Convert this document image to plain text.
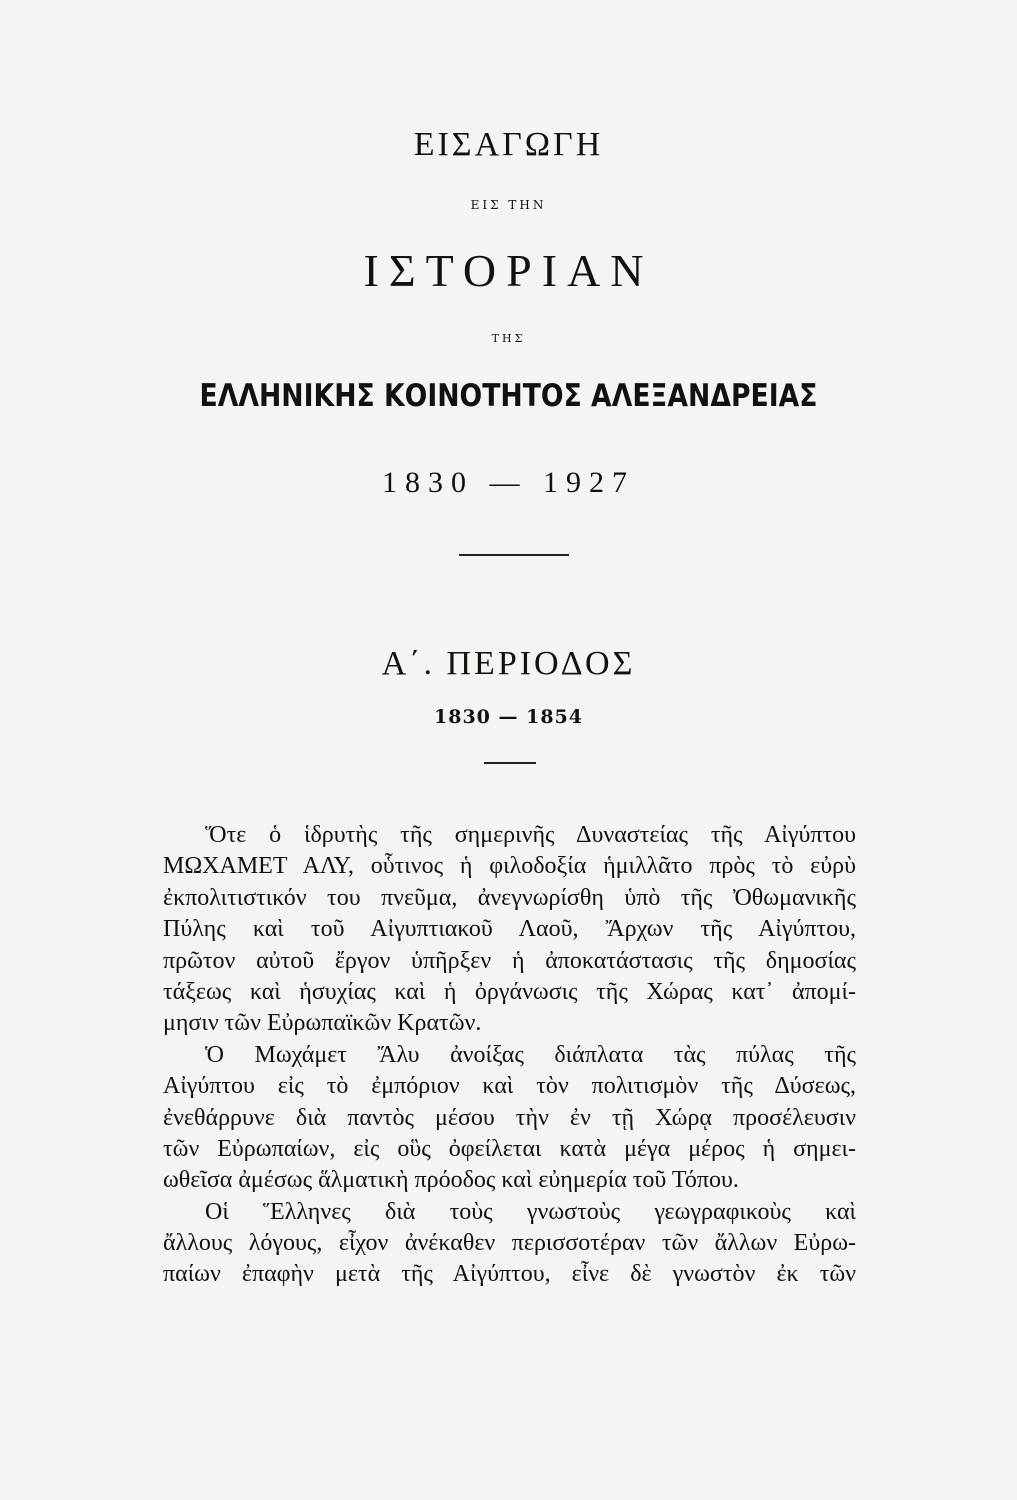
ΕΙΣΑΓΩΓΗ
ΕΙΣ ΤΗΝ
ΙΣΤΟΡΙΑΝ
ΤΗΣ
ΕΛΛΗΝΙΚΗΣ ΚΟΙΝΟΤΗΤΟΣ ΑΛΕΞΑΝΔΡΕΙΑΣ
1830 — 1927
Α΄. ΠΕΡΙΟΔΟΣ
1830 — 1854
Ὅτε ὁ ἱδρυτὴς τῆς σημερινῆς Δυναστείας τῆς Αἰγύπτου
ΜΩΧΑΜΕΤ ΑΛΥ, οὗτινος ἡ φιλοδοξία ἡμιλλᾶτο πρὸς τὸ εὐρὺ
ἐκπολιτιστικόν του πνεῦμα, ἀνεγνωρίσθη ὑπὸ τῆς Ὀθωμανικῆς
Πύλης καὶ τοῦ Αἰγυπτιακοῦ Λαοῦ, Ἄρχων τῆς Αἰγύπτου,
πρῶτον αὐτοῦ ἔργον ὑπῆρξεν ἡ ἀποκατάστασις τῆς δημοσίας
τάξεως καὶ ἡσυχίας καὶ ἡ ὀργάνωσις τῆς Χώρας κατ᾽ ἀπομί-
μησιν τῶν Εὐρωπαϊκῶν Κρατῶν.
Ὁ Μωχάμετ Ἄλυ ἀνοίξας διάπλατα τὰς πύλας τῆς
Αἰγύπτου εἰς τὸ ἐμπόριον καὶ τὸν πολιτισμὸν τῆς Δύσεως,
ἐνεθάρρυνε διὰ παντὸς μέσου τὴν ἐν τῇ Χώρᾳ προσέλευσιν
τῶν Εὐρωπαίων, εἰς οὓς ὀφείλεται κατὰ μέγα μέρος ἡ σημει-
ωθεῖσα ἀμέσως ἅλματικὴ πρόοδος καὶ εὐημερία τοῦ Τόπου.
Οἱ Ἕλληνες διὰ τοὺς γνωστοὺς γεωγραφικοὺς καὶ
ἄλλους λόγους, εἶχον ἀνέκαθεν περισσοτέραν τῶν ἄλλων Εὐρω-
παίων ἐπαφὴν μετὰ τῆς Αἰγύπτου, εἶνε δὲ γνωστὸν ἐκ τῶν
